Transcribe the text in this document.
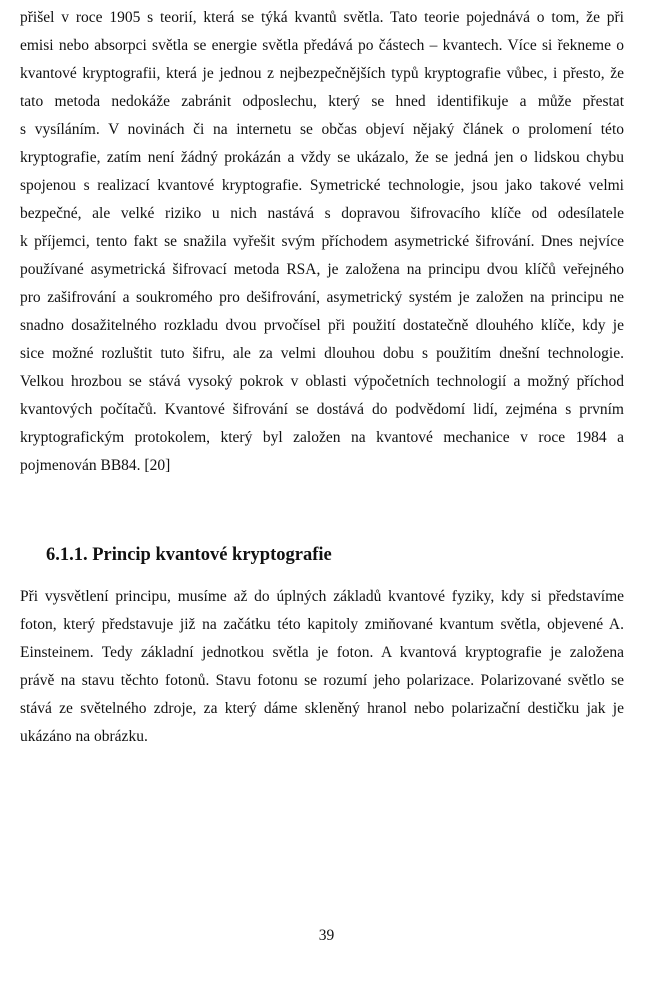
přišel v roce 1905 s teorií, která se týká kvantů světla. Tato teorie pojednává o tom, že při
emisi nebo absorpci světla se energie světla předává po částech – kvantech. Více si řekneme o
kvantové kryptografii, která je jednou z nejbezpečnějších typů kryptografie vůbec, i přesto, že
tato metoda nedokáže zabránit odposlechu, který se hned identifikuje a může přestat
s vysíláním. V novinách či na internetu se občas objeví nějaký článek o prolomení této
kryptografie, zatím není žádný prokázán a vždy se ukázalo, že se jedná jen o lidskou chybu
spojenou s realizací kvantové kryptografie. Symetrické technologie, jsou jako takové velmi
bezpečné, ale velké riziko u nich nastává s dopravou šifrovacího klíče od odesílatele
k příjemci, tento fakt se snažila vyřešit svým příchodem asymetrické šifrování. Dnes nejvíce
používané asymetrická šifrovací metoda RSA, je založena na principu dvou klíčů veřejného
pro zašifrování a soukromého pro dešifrování, asymetrický systém je založen na principu ne
snadno dosažitelného rozkladu dvou prvočísel při použití dostatečně dlouhého klíče, kdy je
sice možné rozluštit tuto šifru, ale za velmi dlouhou dobu s použitím dnešní technologie.
Velkou hrozbou se stává vysoký pokrok v oblasti výpočetních technologií a možný příchod
kvantových počítačů. Kvantové šifrování se dostává do podvědomí lidí, zejména s prvním
kryptografickým protokolem, který byl založen na kvantové mechanice v roce 1984 a
pojmenován BB84. [20]
6.1.1. Princip kvantové kryptografie
Při vysvětlení principu, musíme až do úplných základů kvantové fyziky, kdy si představíme
foton, který představuje již na začátku této kapitoly zmiňované kvantum světla, objevené A.
Einsteinem. Tedy základní jednotkou světla je foton. A kvantová kryptografie je založena
právě na stavu těchto fotonů. Stavu fotonu se rozumí jeho polarizace. Polarizované světlo se
stává ze světelného zdroje, za který dáme skleněný hranol nebo polarizační destičku jak je
ukázáno na obrázku.
39
